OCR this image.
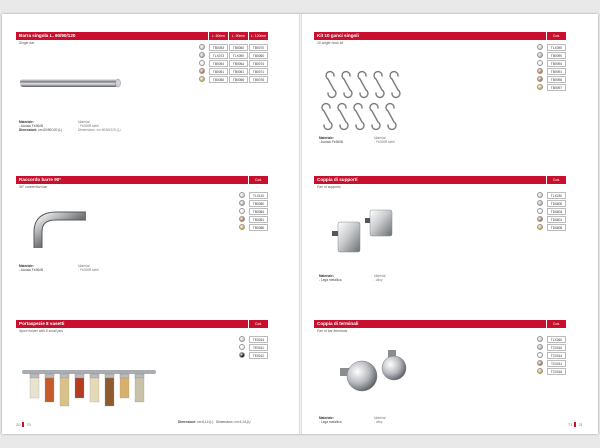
Barra singola L. 60/90/120	L. 60mm	L. 90mm	L. 120mm
Single bar
TB0053	TB0060	TB0070
TLX073	TLX090	TB0060
TB0054	TB0064	TB0074
TB0051	TB0061	TB0071
TB0056	TB0066	TB0076
Materiale:
- Acciaio Fe360B
Dimensioni: cm 60/90/120 (L)
Material:
- Fe360B steel
Dimensions: cm 60/90/120 (L)
Raccordo barre 90°	Cod.
90° connection bar
TLX110
TB0080
TB0084
TB0081
TB0086
Materiale:
- Acciaio Fe360B
Material:
- Fe360B steel
Portaspezie 8 vasetti	Cod.
Spice holder with 8 small jars
TE0014
TE0011
TE0012
Dimensioni: cm 6,14 (L) Dimensions: cm 6,14 (L)
20 70
Kit 10 ganci singoli	Cod.
10 single hook kit
TLX090
TB0090
TB0094
TB0091
TB0096
TB0097
Materiale:
- Acciaio Fe360B
Material:
- Fe360B steel
Coppia di supporti	Cod.
Pair of supports
TLX230
TD0600
TD0604
TD0601
TD0606
Materiale:
- Lega metallica
Material:
- alloy
Coppia di terminali	Cod.
Pair of bar terminals
TLX260
TC0010
TC0014
TC0011
TC0016
Materiale:
- Lega metallica
Material:
- alloy	71 21
